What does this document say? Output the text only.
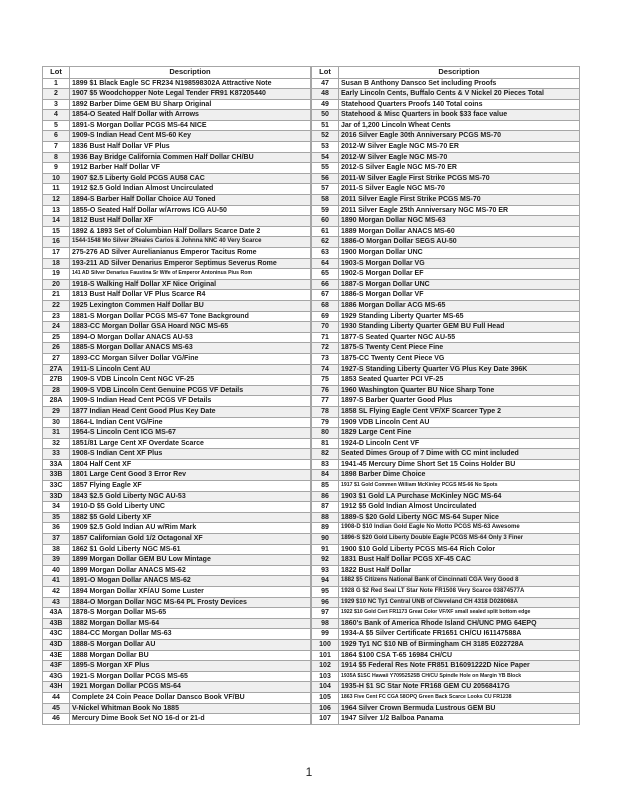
Lot	Description
1	1899 $1 Black Eagle SC FR234 N198598302A Attractive Note
2	1907 $5 Woodchopper Note Legal Tender FR91 K87205440
3	1892 Barber Dime GEM BU Sharp Original
4	1854-O Seated Half Dollar with Arrows
5	1891-S Morgan Dollar PCGS MS-64 NICE
6	1909-S Indian Head Cent MS-60 Key
7	1836 Bust Half Dollar VF Plus
8	1936 Bay Bridge California Commen Half Dollar CH/BU
9	1912 Barber Half Dollar VF
10	1907 $2.5 Liberty Gold PCGS AU58 CAC
11	1912 $2.5 Gold Indian Almost Uncirculated
12	1894-S Barber Half Dollar Choice AU Toned
13	1855-O Seated Half Dollar w/Arrows ICG AU-50
14	1812 Bust Half Dollar XF
15	1892 & 1893 Set of Columbian Half Dollars Scarce Date 2
16	1544-1548 Mo Silver 2Reales Carlos & Johnna NNC 40 Very Scarce
17	275-276 AD Silver Aurelianianus Emperor Tacitus Rome
18	193-211 AD Silver Denarius Emperor Septimus Severus Rome
19	141 AD Silver Denarius Faustina Sr Wife of Emperor Antoninus Pius Rom
20	1918-S Walking Half Dollar XF Nice Original
21	1813 Bust Half Dollar VF Plus Scarce R4
22	1925 Lexington Commen Half Dollar BU
23	1881-S Morgan Dollar PCGS MS-67 Tone Background
24	1883-CC Morgan Dollar GSA Hoard NGC MS-65
25	1894-O Morgan Dollar ANACS AU-53
26	1885-S Morgan Dollar ANACS MS-63
27	1893-CC Morgan Silver Dollar VG/Fine
27A	1911-S Lincoln Cent AU
27B	1909-S VDB Lincoln Cent NGC VF-25
28	1909-S VDB Lincoln Cent Genuine PCGS VF Details
28A	1909-S Indian Head Cent PCGS VF Details
29	1877 Indian Head Cent Good Plus Key Date
30	1864-L Indian Cent VG/Fine
31	1954-S Lincoln Cent ICG MS-67
32	1851/81 Large Cent XF Overdate Scarce
33	1908-S Indian Cent XF Plus
33A	1804 Half Cent XF
33B	1801 Large Cent Good 3 Error Rev
33C	1857 Flying Eagle XF
33D	1843 $2.5 Gold Liberty NGC AU-53
34	1910-D $5 Gold Liberty UNC
35	1882 $5 Gold Liberty XF
36	1909 $2.5 Gold Indian AU w/Rim Mark
37	1857 Californian Gold 1/2 Octagonal XF
38	1862 $1 Gold Liberty NGC MS-61
39	1899 Morgan Dollar GEM BU Low Mintage
40	1899 Morgan Dollar ANACS MS-62
41	1891-O Mogan Dollar ANACS MS-62
42	1894 Morgan Dollar XF/AU Some Luster
43	1884-O Morgan Dollar NGC MS-64 PL Frosty Devices
43A	1878-S Morgan Dollar MS-65
43B	1882 Morgan Dollar MS-64
43C	1884-CC Morgan Dollar MS-63
43D	1888-S Morgan Dollar AU
43E	1888 Morgan Dollar BU
43F	1895-S Morgan XF Plus
43G	1921-S Morgan Dollar PCGS MS-65
43H	1921 Morgan Dollar PCGS MS-64
44	Complete 24 Coin Peace Dollar Dansco Book VF/BU
45	V-Nickel Whitman Book No 1885
46	Mercury Dime Book Set NO 16-d or 21-d
Lot	Description
47	Susan B Anthony Dansco Set including Proofs
48	Early Lincoln Cents, Buffalo Cents & V Nickel 20 Pieces Total
49	Statehood Quarters Proofs 140 Total coins
50	Statehood & Misc Quarters in book $33 face value
51	Jar of 1,200 Lincoln Wheat Cents
52	2016 Silver Eagle 30th Anniversary PCGS MS-70
53	2012-W Silver Eagle NGC MS-70 ER
54	2012-W Silver Eagle NGC MS-70
55	2012-S Silver Eagle NGC MS-70 ER
56	2011-W Silver Eagle First Strike PCGS MS-70
57	2011-S Silver Eagle NGC MS-70
58	2011 Silver Eagle First Strike PCGS MS-70
59	2011 Silver Eagle 25th Anniversary NGC MS-70 ER
60	1890 Morgan Dollar NGC MS-63
61	1889 Morgan Dollar ANACS MS-60
62	1886-O Morgan Dollar SEGS AU-50
63	1900 Morgan Dollar UNC
64	1903-S Morgan Dollar VG
65	1902-S Morgan Dollar EF
66	1887-S Morgan Dollar UNC
67	1886-S Morgan Dollar VF
68	1886 Morgan Dollar ACG MS-65
69	1929 Standing Liberty Quarter MS-65
70	1930 Standing Liberty Quarter GEM BU Full Head
71	1877-S Seated Quarter NGC AU-55
72	1875-S Twenty Cent Piece Fine
73	1875-CC Twenty Cent Piece VG
74	1927-S Standing Liberty Quarter VG Plus Key Date 396K
75	1853 Seated Quarter PCI VF-25
76	1960 Washington Quarter BU Nice Sharp Tone
77	1897-S Barber Quarter Good Plus
78	1858 SL Flying Eagle Cent VF/XF Scarcer Type 2
79	1909 VDB Lincoln Cent AU
80	1829 Large Cent Fine
81	1924-D Lincoln Cent VF
82	Seated Dimes Group of 7 Dime with CC mint included
83	1941-45 Mercury Dime Short Set 15 Coins Holder BU
84	1898 Barber Dime Choice
85	1917 $1 Gold Commen William McKinley PCGS MS-66 No Spots
86	1903 $1 Gold LA Purchase McKinley NGC MS-64
87	1912 $5 Gold Indian Almost Uncirculated
88	1889-S $20 Gold Liberty NGC MS-64 Super Nice
89	1908-D $10 Indian Gold Eagle No Motto PCGS MS-63 Awesome
90	1896-S $20 Gold Liberty Double Eagle PCGS MS-64 Only 3 Finer
91	1900 $10 Gold Liberty PCGS MS-64 Rich Color
92	1831 Bust Half Dollar PCGS XF-45 CAC
93	1822 Bust Half Dollar
94	1882 $5 Citizens National Bank of Cincinnati CGA Very Good 8
95	1928 G $2 Red Seal LT Star Note FR1508 Very Scarce 03874577A
96	1929 $10 NC Ty1 Central UNB of Cleveland CH 4318 D028068A
97	1922 $10 Gold Cert FR1173 Great Color VF/XF small sealed split bottom edge
98	1860's Bank of America Rhode Island CH/UNC PMG 64EPQ
99	1934-A $5 Silver Certificate FR1651 CH/CU I61147588A
100	1929 Ty1 NC $10 NB of Birmingham CH 3185 E022728A
101	1864 $100 CSA T-65 16984 CH/CU
102	1914 $5 Federal Res Note FR851 B16091222D Nice Paper
103	1935A $1SC Hawaii Y70952525B CH/CU Spindle Hole on Margin YB Block
104	1935-H $1 SC Star Note FR168 GEM CU 20568417G
105	1863 Five Cent FC CGA 58OPQ Green Back Scarce Looks CU FR1238
106	1964 Silver Crown Bermuda Lustrous GEM BU
107	1947 Silver 1/2 Balboa Panama
1
